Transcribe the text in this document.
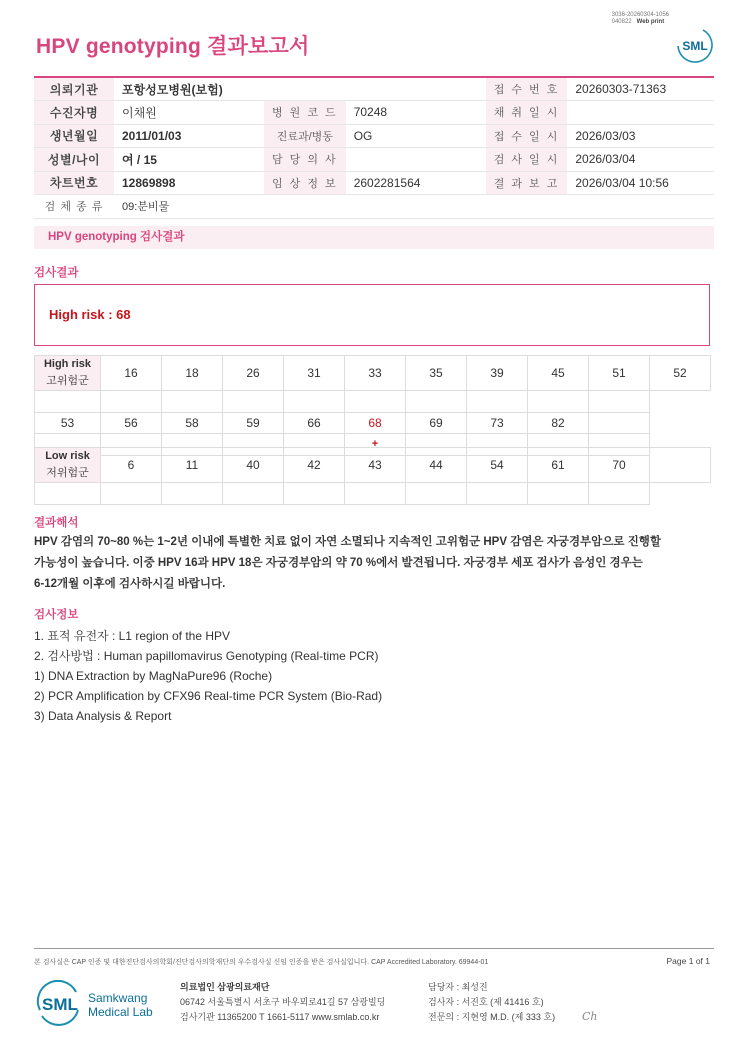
3036-20260304-1056
040822 Web print
HPV genotyping 결과보고서	SML
의뢰기관	포항성모병원(보험)			접 수 번 호	20260303-71363
수진자명	이채원	병 원 코 드	70248	채 취 일 시	
생년월일	2011/01/03	진료과/병동	OG	접 수 일 시	2026/03/03
성별/나이	여 / 15	담 당 의 사		검 사 일 시	2026/03/04
차트번호	12869898	임 상 정 보	2602281564	결 과 보 고	2026/03/04 10:56
검 체 종 류	09:분비물				
HPV genotyping 검사결과
검사결과
High risk : 68
High risk
고위험군	16	18	26	31	33	35	39	45	51	52

53	56	58	59	66	68	69	73	82		
					+					
Low risk
저위험군	6	11	40	42	43	44	54	61	70	

결과해석
HPV 감염의 70~80 %는 1~2년 이내에 특별한 치료 없이 자연 소멸되나 지속적인 고위험군 HPV 감염은 자궁경부암으로 진행할
가능성이 높습니다. 이중 HPV 16과 HPV 18은 자궁경부암의 약 70 %에서 발견됩니다. 자궁경부 세포 검사가 음성인 경우는
6-12개월 이후에 검사하시길 바랍니다.
검사정보
1. 표적 유전자 : L1 region of the HPV
2. 검사방법 : Human papillomavirus Genotyping (Real-time PCR)
1) DNA Extraction by MagNaPure96 (Roche)
2) PCR Amplification by CFX96 Real-time PCR System (Bio-Rad)
3) Data Analysis & Report
본 검사실은 CAP 인증 및 대한진단검사의학회/진단검사의학재단의 우수검사실 신임 인증을 받은 검사실입니다. CAP Accredited Laboratory. 69944-01	Page 1 of 1
SML Samkwang
Medical Lab
의료법인 삼광의료재단
06742 서울특별시 서초구 바우뫼로41길 57 삼광빌딩
검사기관 11365200 T 1661-5117 www.smlab.co.kr
담당자 : 최성진
검사자 : 서진호 (제 41416 호)
전문의 : 지현영 M.D. (제 333 호) Ch
